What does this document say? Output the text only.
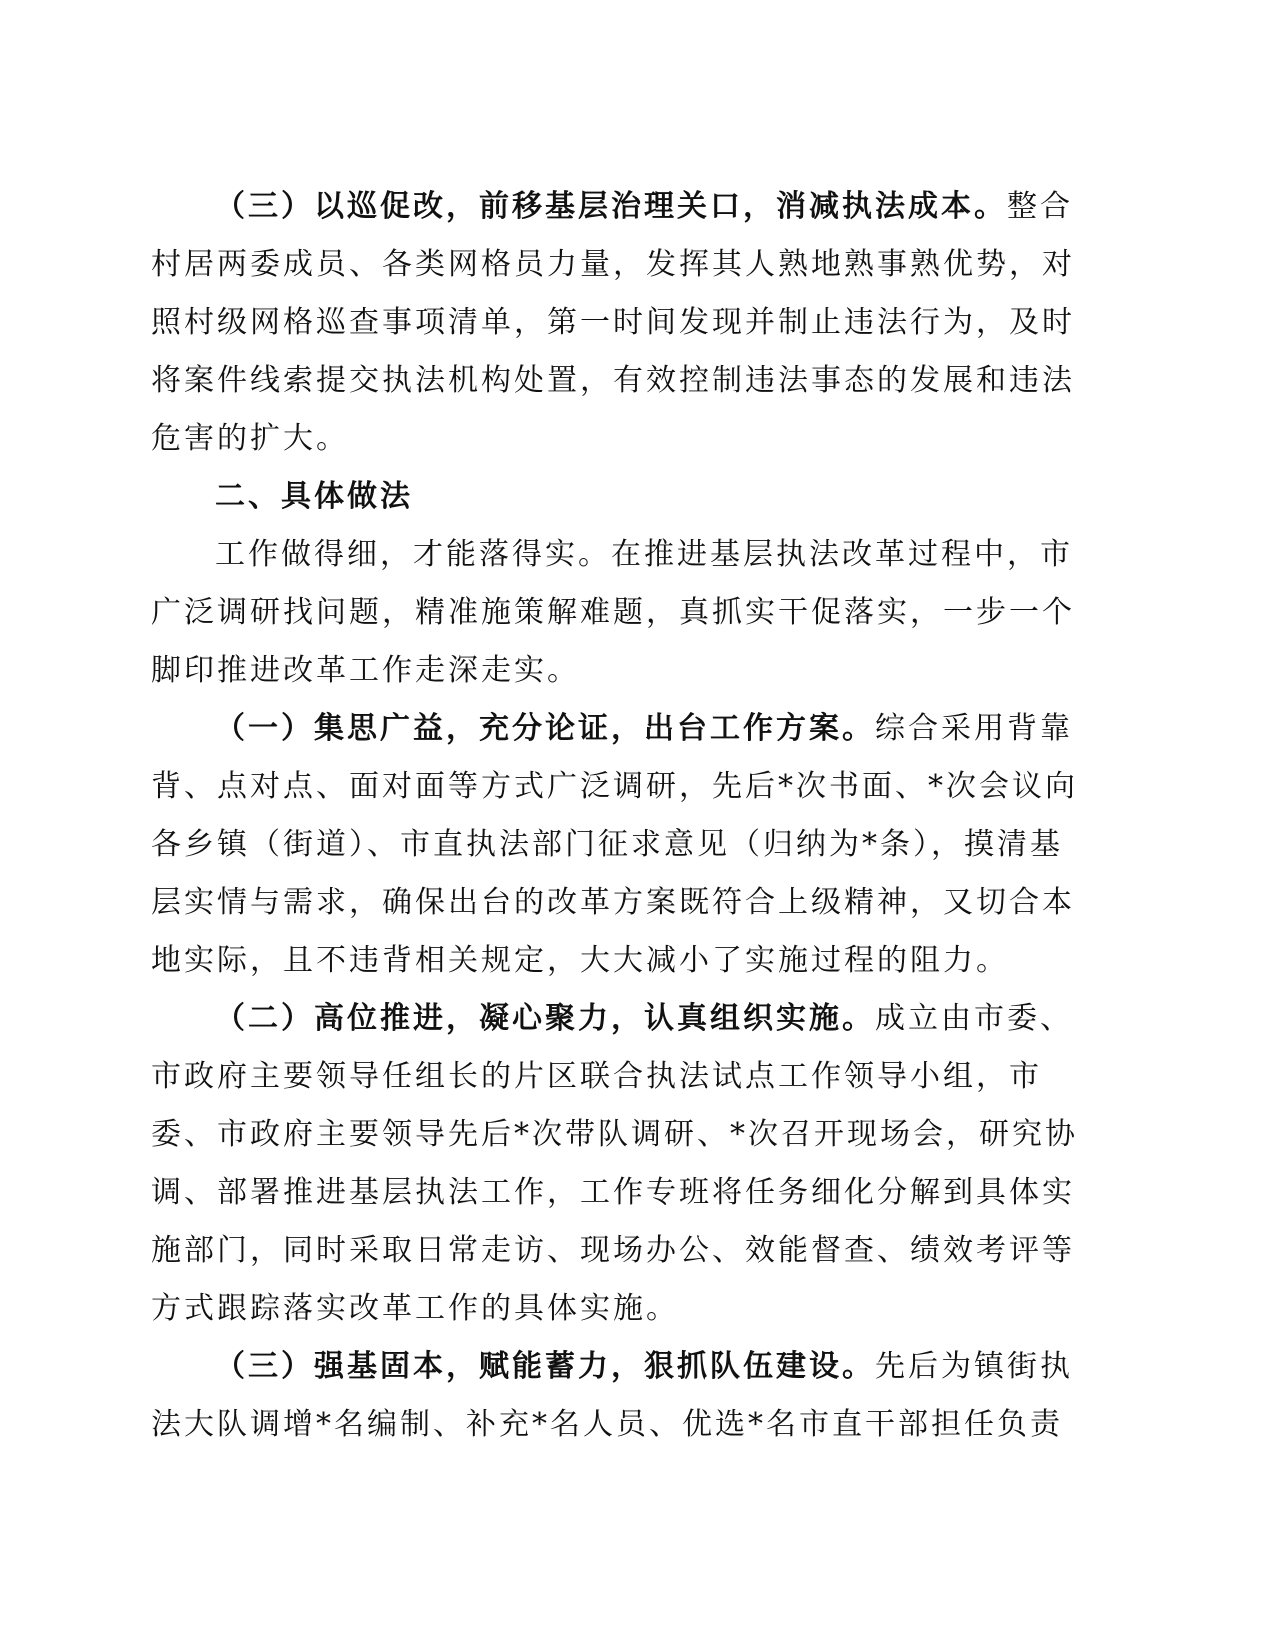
（三）以巡促改，前移基层治理关口，消减执法成本。整合
村居两委成员、各类网格员力量，发挥其人熟地熟事熟优势，对
照村级网格巡查事项清单，第一时间发现并制止违法行为，及时
将案件线索提交执法机构处置，有效控制违法事态的发展和违法
危害的扩大。
二、具体做法
工作做得细，才能落得实。在推进基层执法改革过程中，市
广泛调研找问题，精准施策解难题，真抓实干促落实，一步一个
脚印推进改革工作走深走实。
（一）集思广益，充分论证，出台工作方案。综合采用背靠
背、点对点、面对面等方式广泛调研，先后*次书面、*次会议向
各乡镇（街道）、市直执法部门征求意见（归纳为*条），摸清基
层实情与需求，确保出台的改革方案既符合上级精神，又切合本
地实际，且不违背相关规定，大大减小了实施过程的阻力。
（二）高位推进，凝心聚力，认真组织实施。成立由市委、
市政府主要领导任组长的片区联合执法试点工作领导小组，市
委、市政府主要领导先后*次带队调研、*次召开现场会，研究协
调、部署推进基层执法工作，工作专班将任务细化分解到具体实
施部门，同时采取日常走访、现场办公、效能督查、绩效考评等
方式跟踪落实改革工作的具体实施。
（三）强基固本，赋能蓄力，狠抓队伍建设。先后为镇街执
法大队调增*名编制、补充*名人员、优选*名市直干部担任负责
